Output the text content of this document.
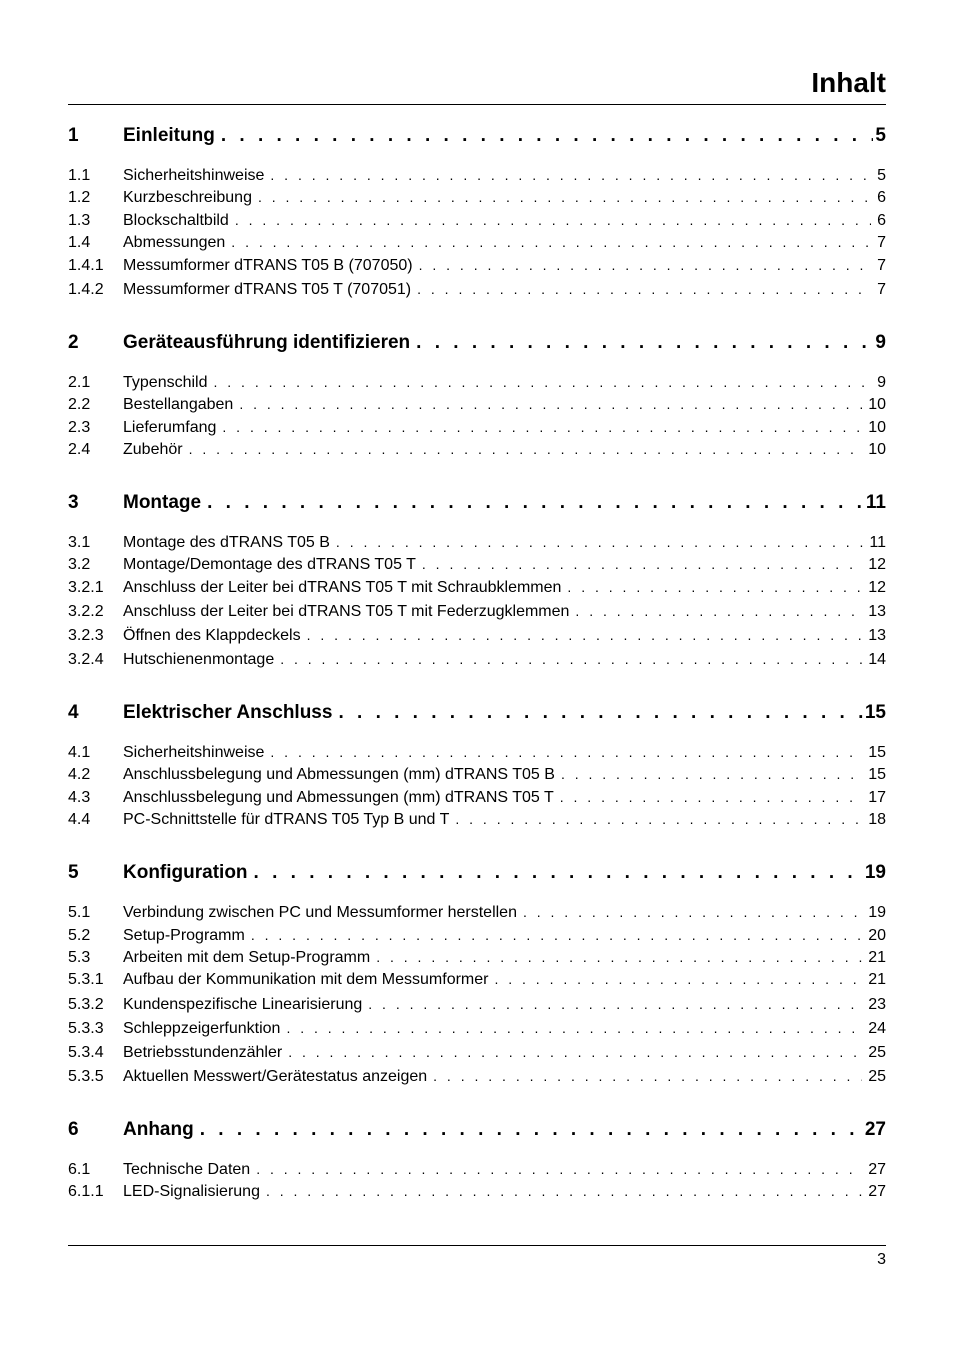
Inhalt
1	Einleitung . . .	5
1.1	Sicherheitshinweise . . .	5
1.2	Kurzbeschreibung . . .	6
1.3	Blockschaltbild . . .	6
1.4	Abmessungen . . .	7
1.4.1	Messumformer dTRANS T05 B (707050) . . .	7
1.4.2	Messumformer dTRANS T05 T (707051) . . .	7
2	Geräteausführung identifizieren . . .	9
2.1	Typenschild . . .	9
2.2	Bestellangaben . . .	10
2.3	Lieferumfang . . .	10
2.4	Zubehör . . .	10
3	Montage . . .	11
3.1	Montage des dTRANS T05 B . . .	11
3.2	Montage/Demontage des dTRANS T05 T . . .	12
3.2.1	Anschluss der Leiter bei dTRANS T05 T mit Schraubklemmen . . .	12
3.2.2	Anschluss der Leiter bei dTRANS T05 T mit Federzugklemmen . . .	13
3.2.3	Öffnen des Klappdeckels . . .	13
3.2.4	Hutschienenmontage . . .	14
4	Elektrischer Anschluss . . .	15
4.1	Sicherheitshinweise . . .	15
4.2	Anschlussbelegung und Abmessungen (mm) dTRANS T05 B . . .	15
4.3	Anschlussbelegung und Abmessungen (mm) dTRANS T05 T . . .	17
4.4	PC-Schnittstelle für dTRANS T05 Typ B und T . . .	18
5	Konfiguration . . .	19
5.1	Verbindung zwischen PC und Messumformer herstellen . . .	19
5.2	Setup-Programm . . .	20
5.3	Arbeiten mit dem Setup-Programm . . .	21
5.3.1	Aufbau der Kommunikation mit dem Messumformer . . .	21
5.3.2	Kundenspezifische Linearisierung . . .	23
5.3.3	Schleppzeigerfunktion . . .	24
5.3.4	Betriebsstundenzähler . . .	25
5.3.5	Aktuellen Messwert/Gerätestatus anzeigen . . .	25
6	Anhang . . .	27
6.1	Technische Daten . . .	27
6.1.1	LED-Signalisierung . . .	27
3
